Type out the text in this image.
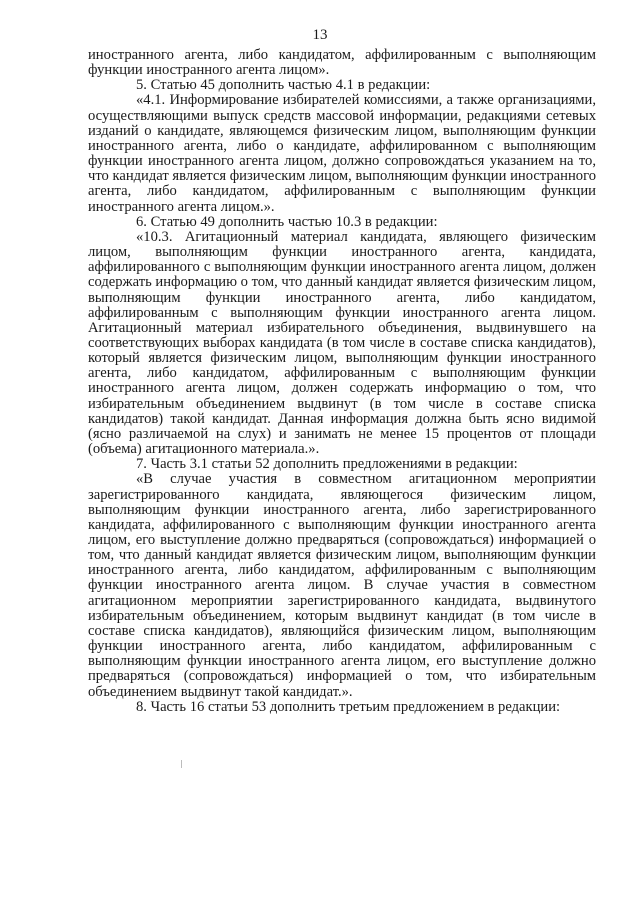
13

иностранного агента, либо кандидатом, аффилированным с выполняющим функции иностранного агента лицом».

5. Статью 45 дополнить частью 4.1 в редакции:

«4.1. Информирование избирателей комиссиями, а также организациями, осуществляющими выпуск средств массовой информации, редакциями сетевых изданий о кандидате, являющемся физическим лицом, выполняющим функции иностранного агента, либо о кандидате, аффилированном с выполняющим функции иностранного агента лицом, должно сопровождаться указанием на то, что кандидат является физическим лицом, выполняющим функции иностранного агента, либо кандидатом, аффилированным с выполняющим функции иностранного агента лицом.».

6. Статью 49 дополнить частью 10.3 в редакции:

«10.3. Агитационный материал кандидата, являющего физическим лицом, выполняющим функции иностранного агента, кандидата, аффилированного с выполняющим функции иностранного агента лицом, должен содержать информацию о том, что данный кандидат является физическим лицом, выполняющим функции иностранного агента, либо кандидатом, аффилированным с выполняющим функции иностранного агента лицом. Агитационный материал избирательного объединения, выдвинувшего на соответствующих выборах кандидата (в том числе в составе списка кандидатов), который является физическим лицом, выполняющим функции иностранного агента, либо кандидатом, аффилированным с выполняющим функции иностранного агента лицом, должен содержать информацию о том, что избирательным объединением выдвинут (в том числе в составе списка кандидатов) такой кандидат. Данная информация должна быть ясно видимой (ясно различаемой на слух) и занимать не менее 15 процентов от площади (объема) агитационного материала.».

7. Часть 3.1 статьи 52 дополнить предложениями в редакции:

«В случае участия в совместном агитационном мероприятии зарегистрированного кандидата, являющегося физическим лицом, выполняющим функции иностранного агента, либо зарегистрированного кандидата, аффилированного с выполняющим функции иностранного агента лицом, его выступление должно предваряться (сопровождаться) информацией о том, что данный кандидат является физическим лицом, выполняющим функции иностранного агента, либо кандидатом, аффилированным с выполняющим функции иностранного агента лицом. В случае участия в совместном агитационном мероприятии зарегистрированного кандидата, выдвинутого избирательным объединением, которым выдвинут кандидат (в том числе в составе списка кандидатов), являющийся физическим лицом, выполняющим функции иностранного агента, либо кандидатом, аффилированным с выполняющим функции иностранного агента лицом, его выступление должно предваряться (сопровождаться) информацией о том, что избирательным объединением выдвинут такой кандидат.».

8. Часть 16 статьи 53 дополнить третьим предложением в редакции:
